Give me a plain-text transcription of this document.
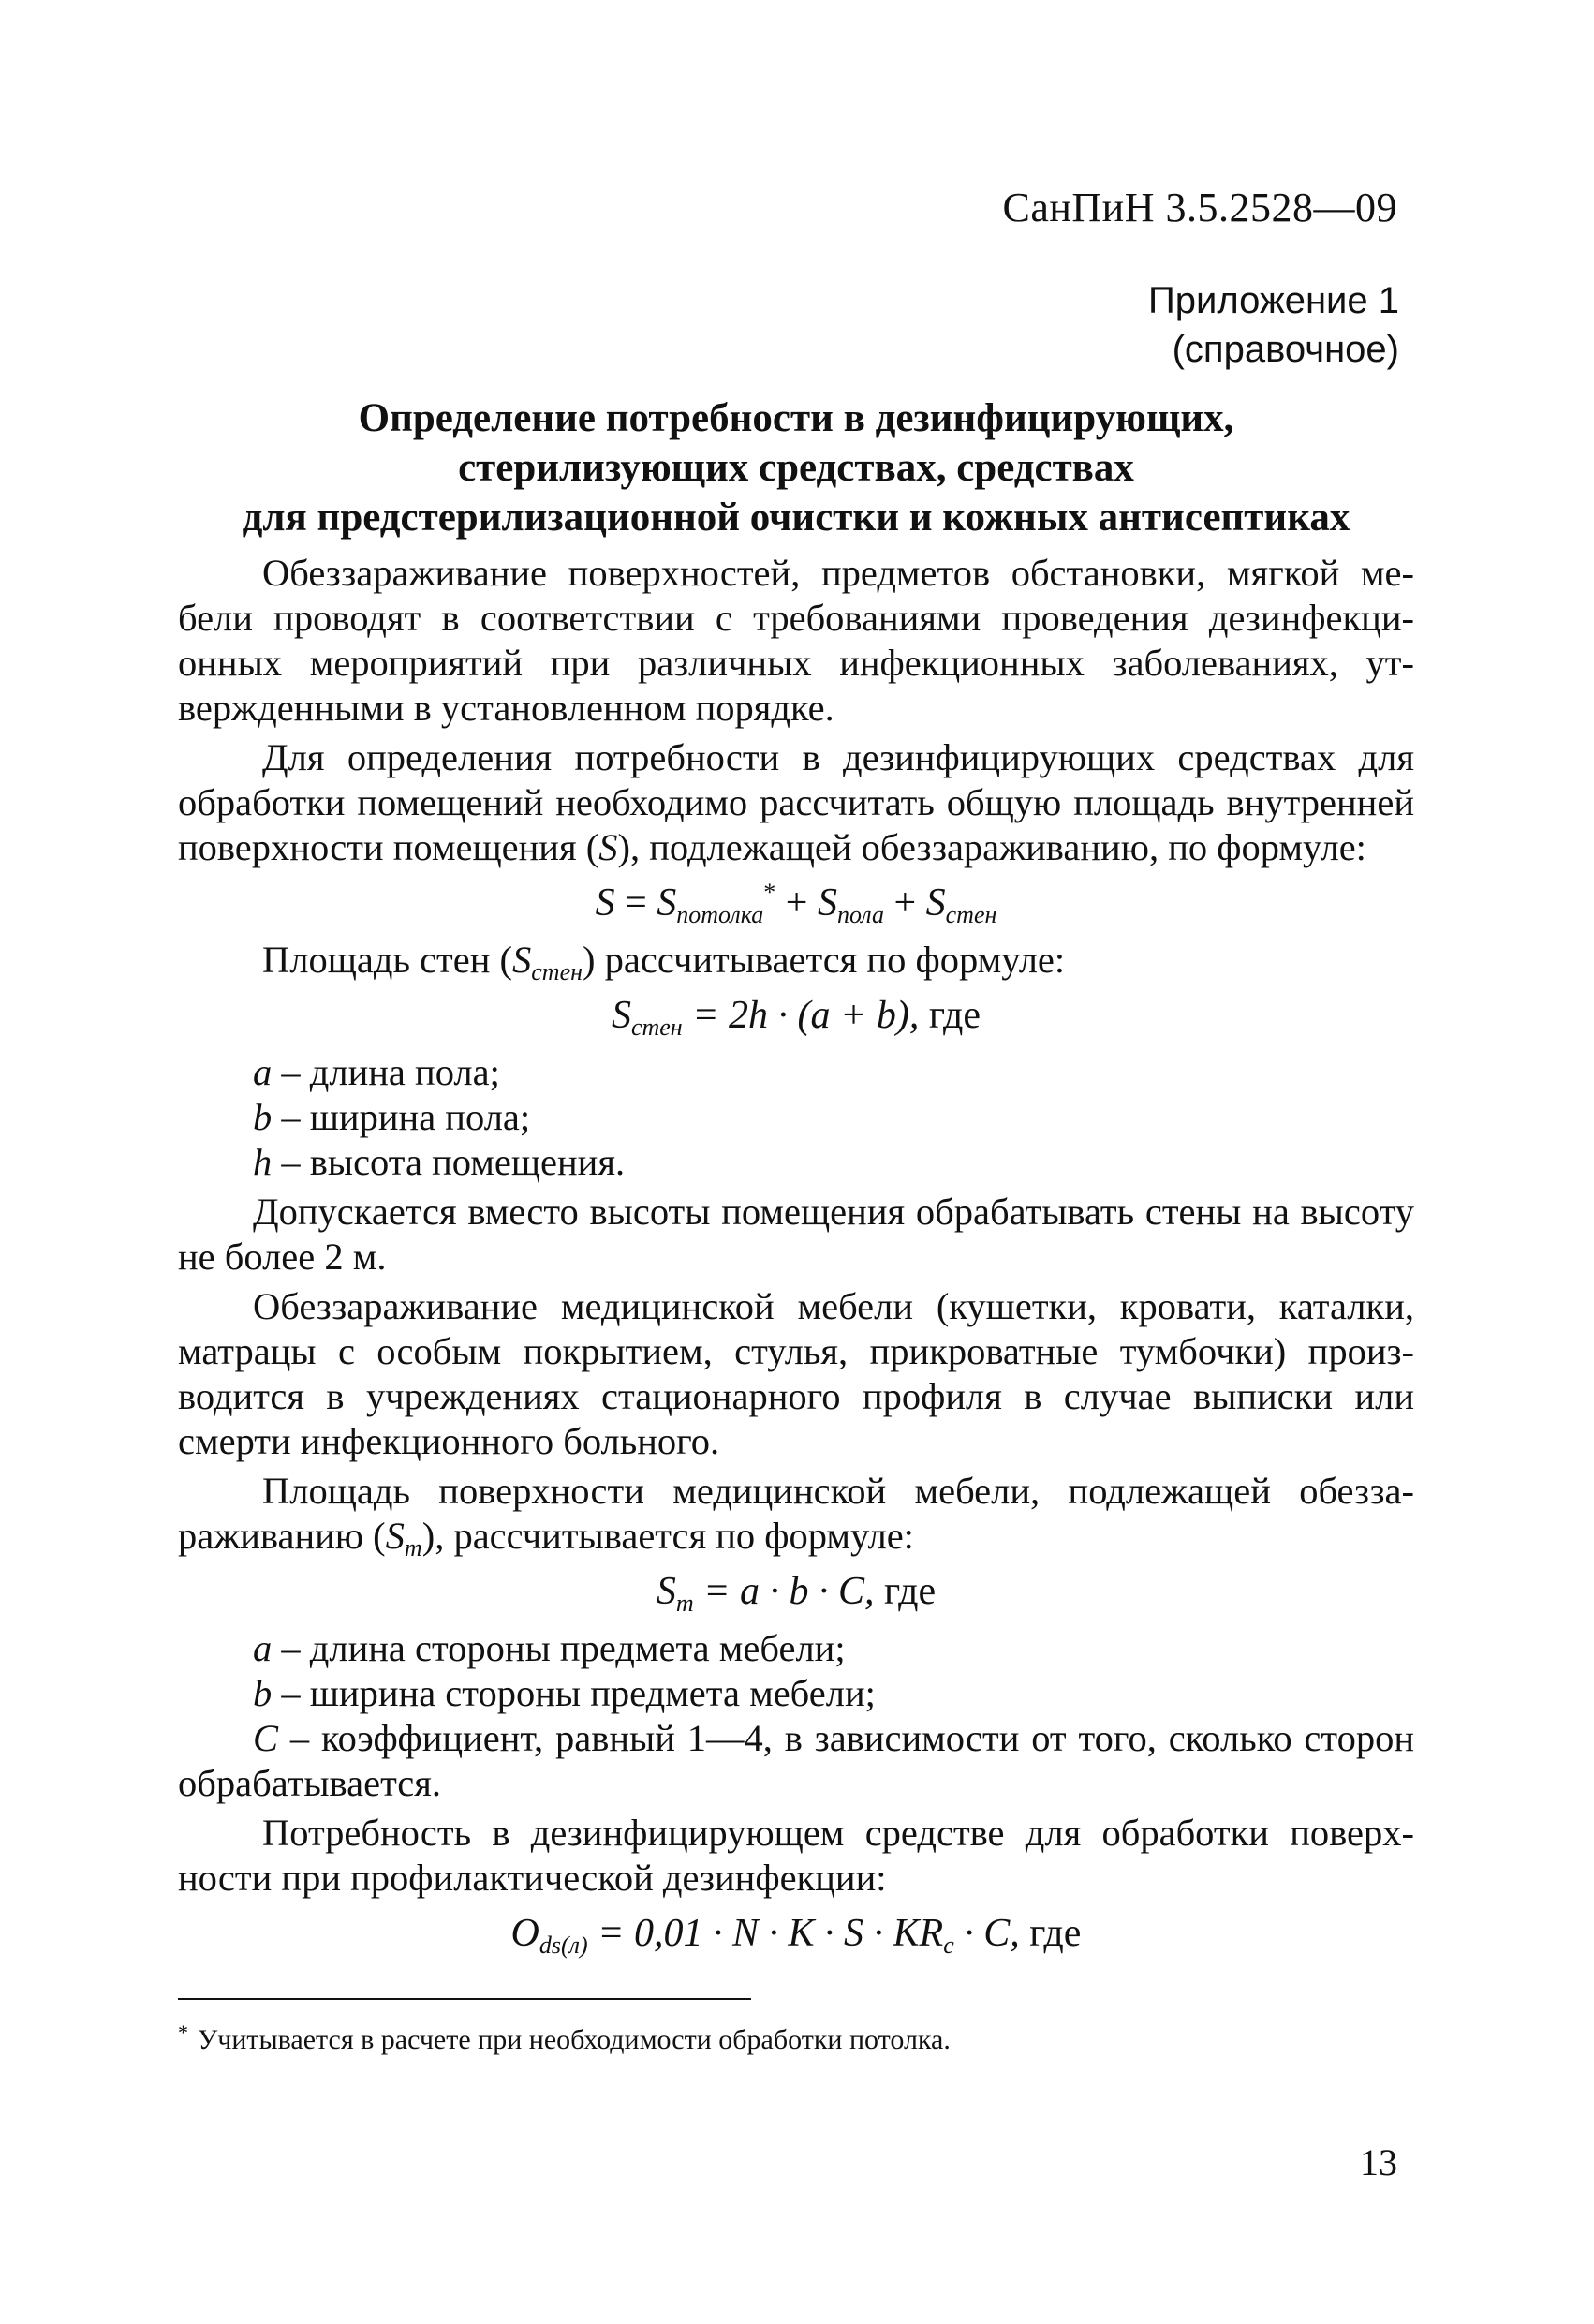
СанПиН 3.5.2528—09
Приложение 1
(справочное)
Определение потребности в дезинфицирующих,
стерилизующих средствах, средствах
для предстерилизационной очистки и кожных антисептиках

Обеззараживание поверхностей, предметов обстановки, мягкой мебели проводят в соответствии с требованиями проведения дезинфекционных мероприятий при различных инфекционных заболеваниях, утвержденными в установленном порядке.

Для определения потребности в дезинфицирующих средствах для обработки помещений необходимо рассчитать общую площадь внутренней поверхности помещения (S), подлежащей обеззараживанию, по формуле:

$S = S_{потолка}^* + S_{пола} + S_{стен}$

Площадь стен $(S_{стен})$ рассчитывается по формуле:

$S_{стен} = 2h \cdot (a + b)$, где

a – длина пола;

b – ширина пола;

h – высота помещения.

Допускается вместо высоты помещения обрабатывать стены на высоту не более 2 м.

Обеззараживание медицинской мебели (кушетки, кровати, каталки, матрацы с особым покрытием, стулья, прикроватные тумбочки) производится в учреждениях стационарного профиля в случае выписки или смерти инфекционного больного.

Площадь поверхности медицинской мебели, подлежащей обеззараживанию $(S_m)$, рассчитывается по формуле:

$S_m = a \cdot b \cdot C$, где

a – длина стороны предмета мебели;

b – ширина стороны предмета мебели;

C – коэффициент, равный 1—4, в зависимости от того, сколько сторон обрабатывается.

Потребность в дезинфицирующем средстве для обработки поверхности при профилактической дезинфекции:

$O_{ds(л)} = 0,01 \cdot N \cdot K \cdot S \cdot KR_c \cdot C$, где
* Учитывается в расчете при необходимости обработки потолка.
13
